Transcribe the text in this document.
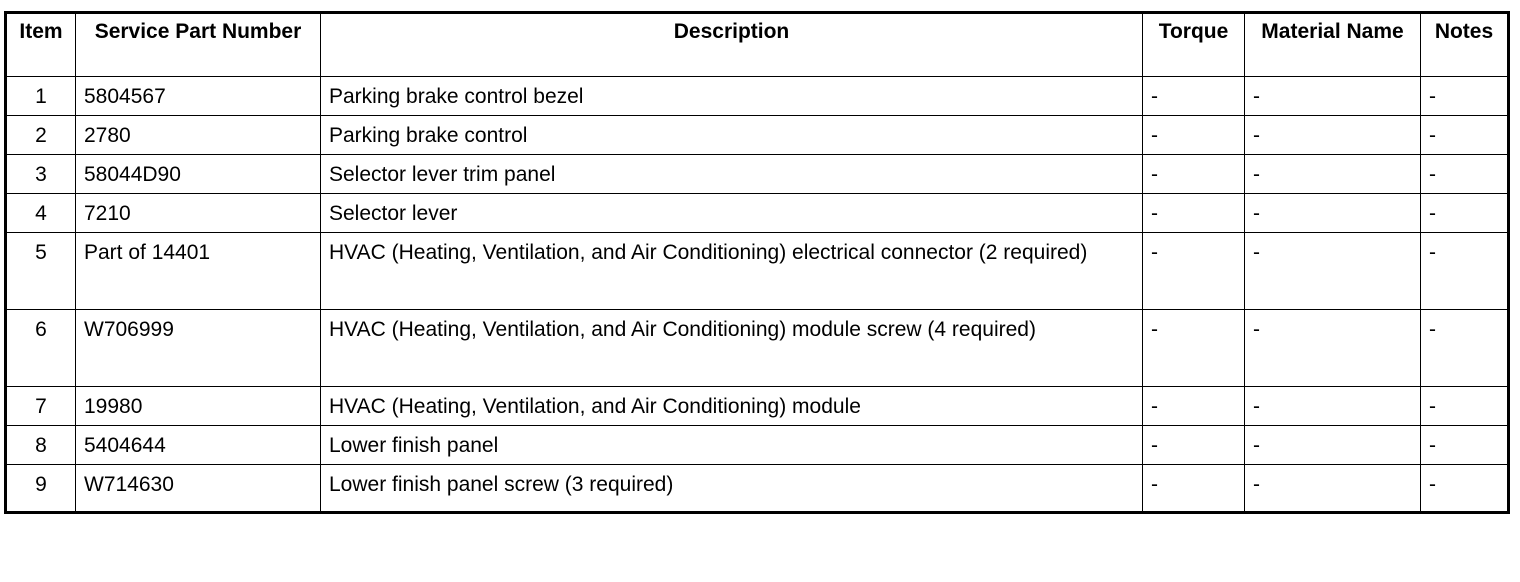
Item	Service Part Number	Description	Torque	Material Name	Notes
1	5804567	Parking brake control bezel	-	-	-
2	2780	Parking brake control	-	-	-
3	58044D90	Selector lever trim panel	-	-	-
4	7210	Selector lever	-	-	-
5	Part of 14401	HVAC (Heating, Ventilation, and Air Conditioning) electrical connector (2 required)	-	-	-
6	W706999	HVAC (Heating, Ventilation, and Air Conditioning) module screw (4 required)	-	-	-
7	19980	HVAC (Heating, Ventilation, and Air Conditioning) module	-	-	-
8	5404644	Lower finish panel	-	-	-
9	W714630	Lower finish panel screw (3 required)	-	-	-
